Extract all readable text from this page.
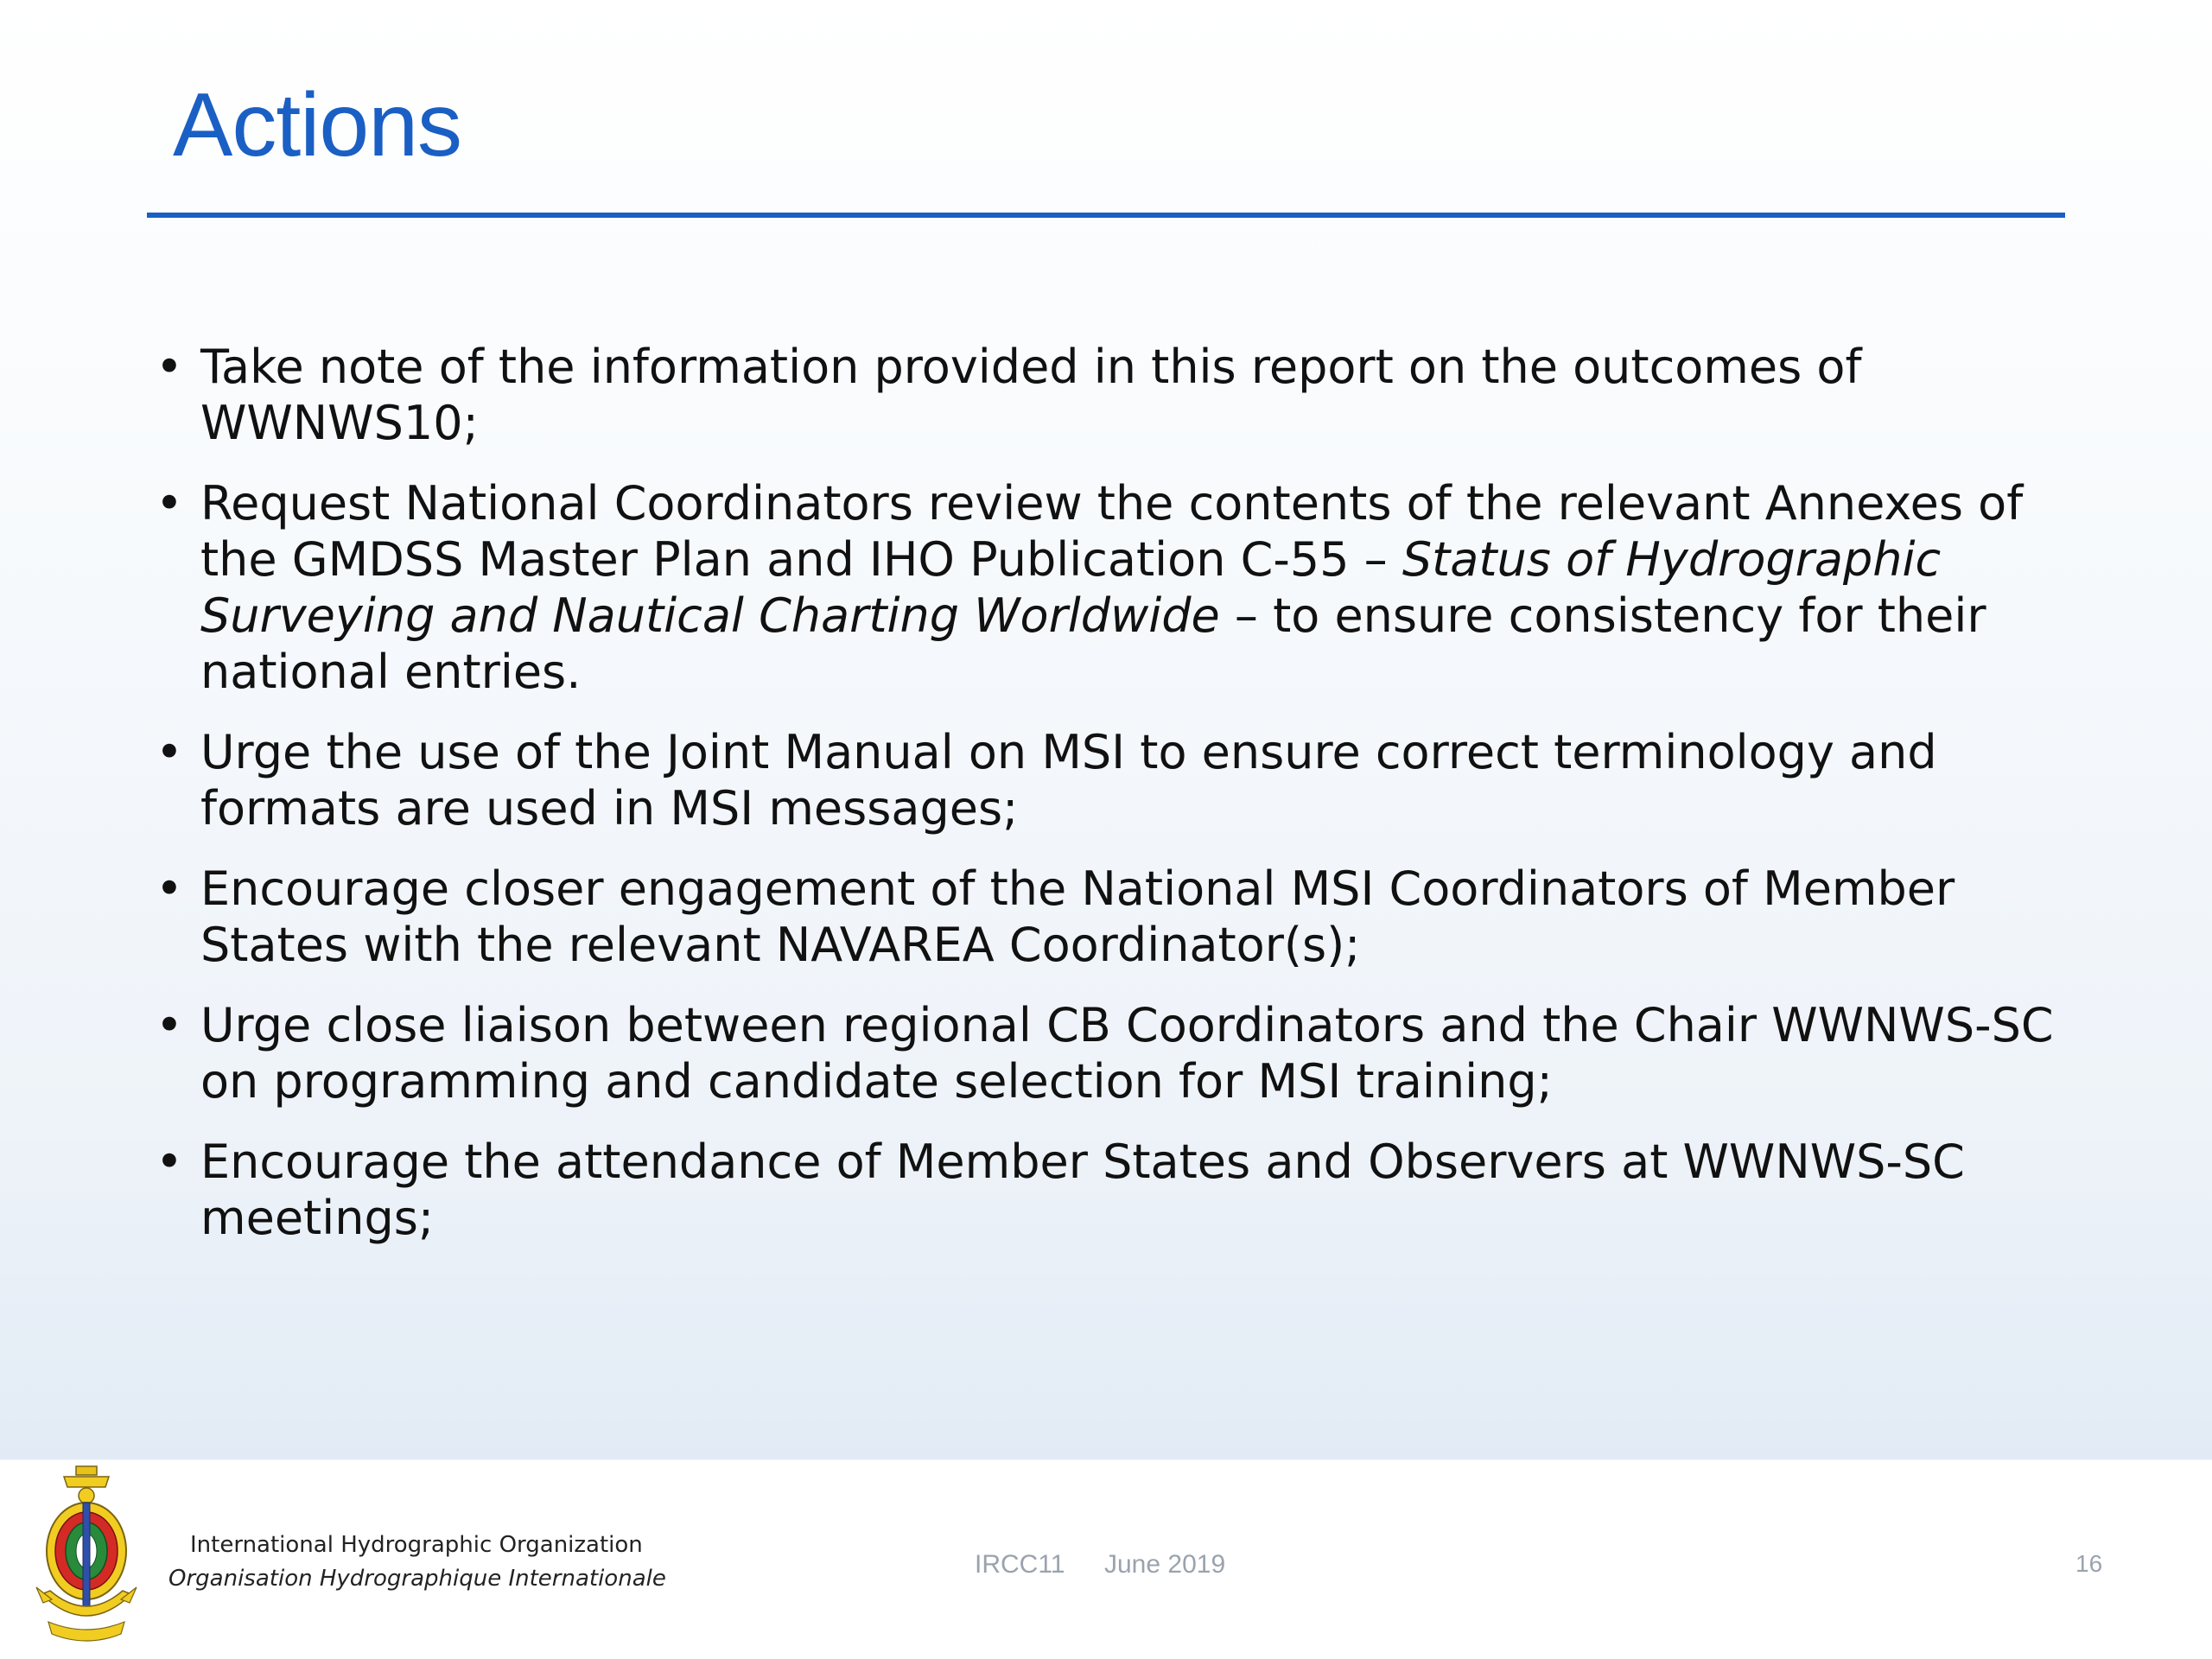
Actions
• Take note of the information provided in this report on the outcomes of WWNWS10;
• Request National Coordinators review the contents of the relevant Annexes of the GMDSS Master Plan and IHO Publication C-55 – Status of Hydrographic Surveying and Nautical Charting Worldwide – to ensure consistency for their national entries.
• Urge the use of the Joint Manual on MSI to ensure correct terminology and formats are used in MSI messages;
• Encourage closer engagement of the National MSI Coordinators of Member States with the relevant NAVAREA Coordinator(s);
• Urge close liaison between regional CB Coordinators and the Chair WWNWS-SC on programming and candidate selection for MSI training;
• Encourage the attendance of Member States and Observers at WWNWS-SC meetings;
International Hydrographic Organization
Organisation Hydrographique Internationale	IRCC11 June 2019	16
